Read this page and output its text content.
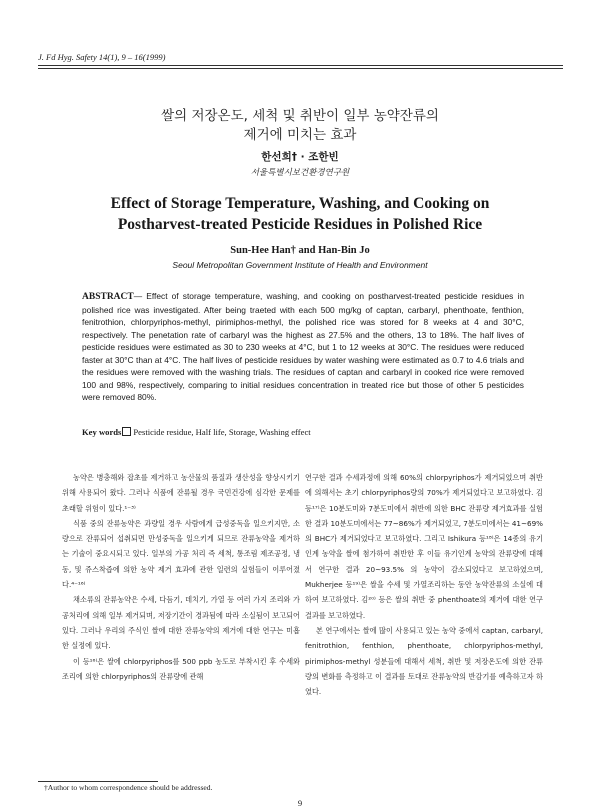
J. Fd Hyg. Safety 14(1), 9 – 16(1999)
쌀의 저장온도, 세척 및 취반이 일부 농약잔류의
제거에 미치는 효과
한선희† · 조한빈
서울특별시보건환경연구원
Effect of Storage Temperature, Washing, and Cooking on
Postharvest-treated Pesticide Residues in Polished Rice
Sun-Hee Han† and Han-Bin Jo
Seoul Metropolitan Government Institute of Health and Environment
ABSTRACT— Effect of storage temperature, washing, and cooking on postharvest-treated pesticide residues in polished rice was investigated. After being traeted with each 500 mg/kg of captan, carbaryl, phenthoate, fenthion, fenitrothion, chlorpyriphos-methyl, pirimiphos-methyl, the polished rice was stored for 8 weeks at 4 and 30°C, respectively. The penetation rate of carbaryl was the highest as 27.5% and the others, 13 to 18%. The half lives of pesticide residues were estimated as 30 to 230 weeks at 4°C, but 1 to 12 weeks at 30°C. The residues were reduced faster at 30°C than at 4°C. The half lives of pesticide residues by water washing were estimated as 0.7 to 4.6 trials and the residues were removed with the washing trials. The residues of captan and carbaryl in cooked rice were removed 100 and 98%, respectively, comparing to initial residues concentration in treated rice but those of other 5 pesticides were removed 80%.
Key words Pesticide residue, Half life, Storage, Washing effect

농약은 병충해와 잡초를 제거하고 농산물의 품질과 생산성을 향상시키기 위해 사용되어 왔다. 그러나 식품에 잔류될 경우 국민건강에 심각한 문제를 초래할 위험이 있다.¹⁻³⁾

식품 중의 잔류농약은 과량일 경우 사람에게 급성중독을 일으키지만, 소량으로 잔류되어 섭취되면 만성중독을 일으키게 되므로 잔류농약을 제거하는 기술이 중요시되고 있다. 일부의 가공 처리 즉 세척, 통조림 제조공정, 냉동, 및 쥬스착즙에 의한 농약 제거 효과에 관한 일련의 실험들이 이루어졌다.⁴⁻¹⁶⁾

채소류의 잔류농약은 수세, 다듬기, 데치기, 가열 등 여러 가지 조리와 가공처리에 의해 일부 제거되며, 저장기간이 경과됨에 따라 소실됨이 보고되어 있다. 그러나 우리의 주식인 쌀에 대한 잔류농약의 제거에 대한 연구는 미흡한 실정에 있다.

이 등¹⁶⁾은 쌀에 chlorpyriphos를 500 ppb 농도로 부착시킨 후 수세와 조리에 의한 chlorpyriphos의 잔류량에 관해

연구한 결과 수세과정에 의해 60%의 chlorpyriphos가 제거되었으며 취반에 의해서는 초기 chlorpyriphos량의 70%가 제거되었다고 보고하였다. 김 등¹⁷⁾은 10분도미와 7분도미에서 취반에 의한 BHC 잔류량 제거효과를 실험한 결과 10분도미에서는 77~86%가 제거되었고, 7분도미에서는 41~69%의 BHC가 제거되었다고 보고하였다. 그리고 Ishikura 등¹⁸⁾은 14종의 유기인계 농약을 쌀에 첨가하여 취반한 후 이들 유기인계 농약의 잔류량에 대해서 연구한 결과 20~93.5% 의 농약이 감소되었다고 보고하였으며, Mukherjee 등¹⁹⁾은 쌀을 수세 및 가열조리하는 동안 농약잔류의 소실에 대하여 보고하였다. 김²⁰⁾ 등은 쌀의 취반 중 phenthoate의 제거에 대한 연구 결과를 보고하였다.

본 연구에서는 쌀에 많이 사용되고 있는 농약 중에서 captan, carbaryl, fenitrothion, fenthion, phenthoate, chlorpyriphos-methyl, pirimiphos-methyl 성분들에 대해서 세척, 취반 및 저장온도에 의한 잔류량의 변화를 측정하고 이 결과를 토대로 잔류농약의 반감기를 예측하고자 하였다.

†Author to whom correspondence should be addressed.
9
